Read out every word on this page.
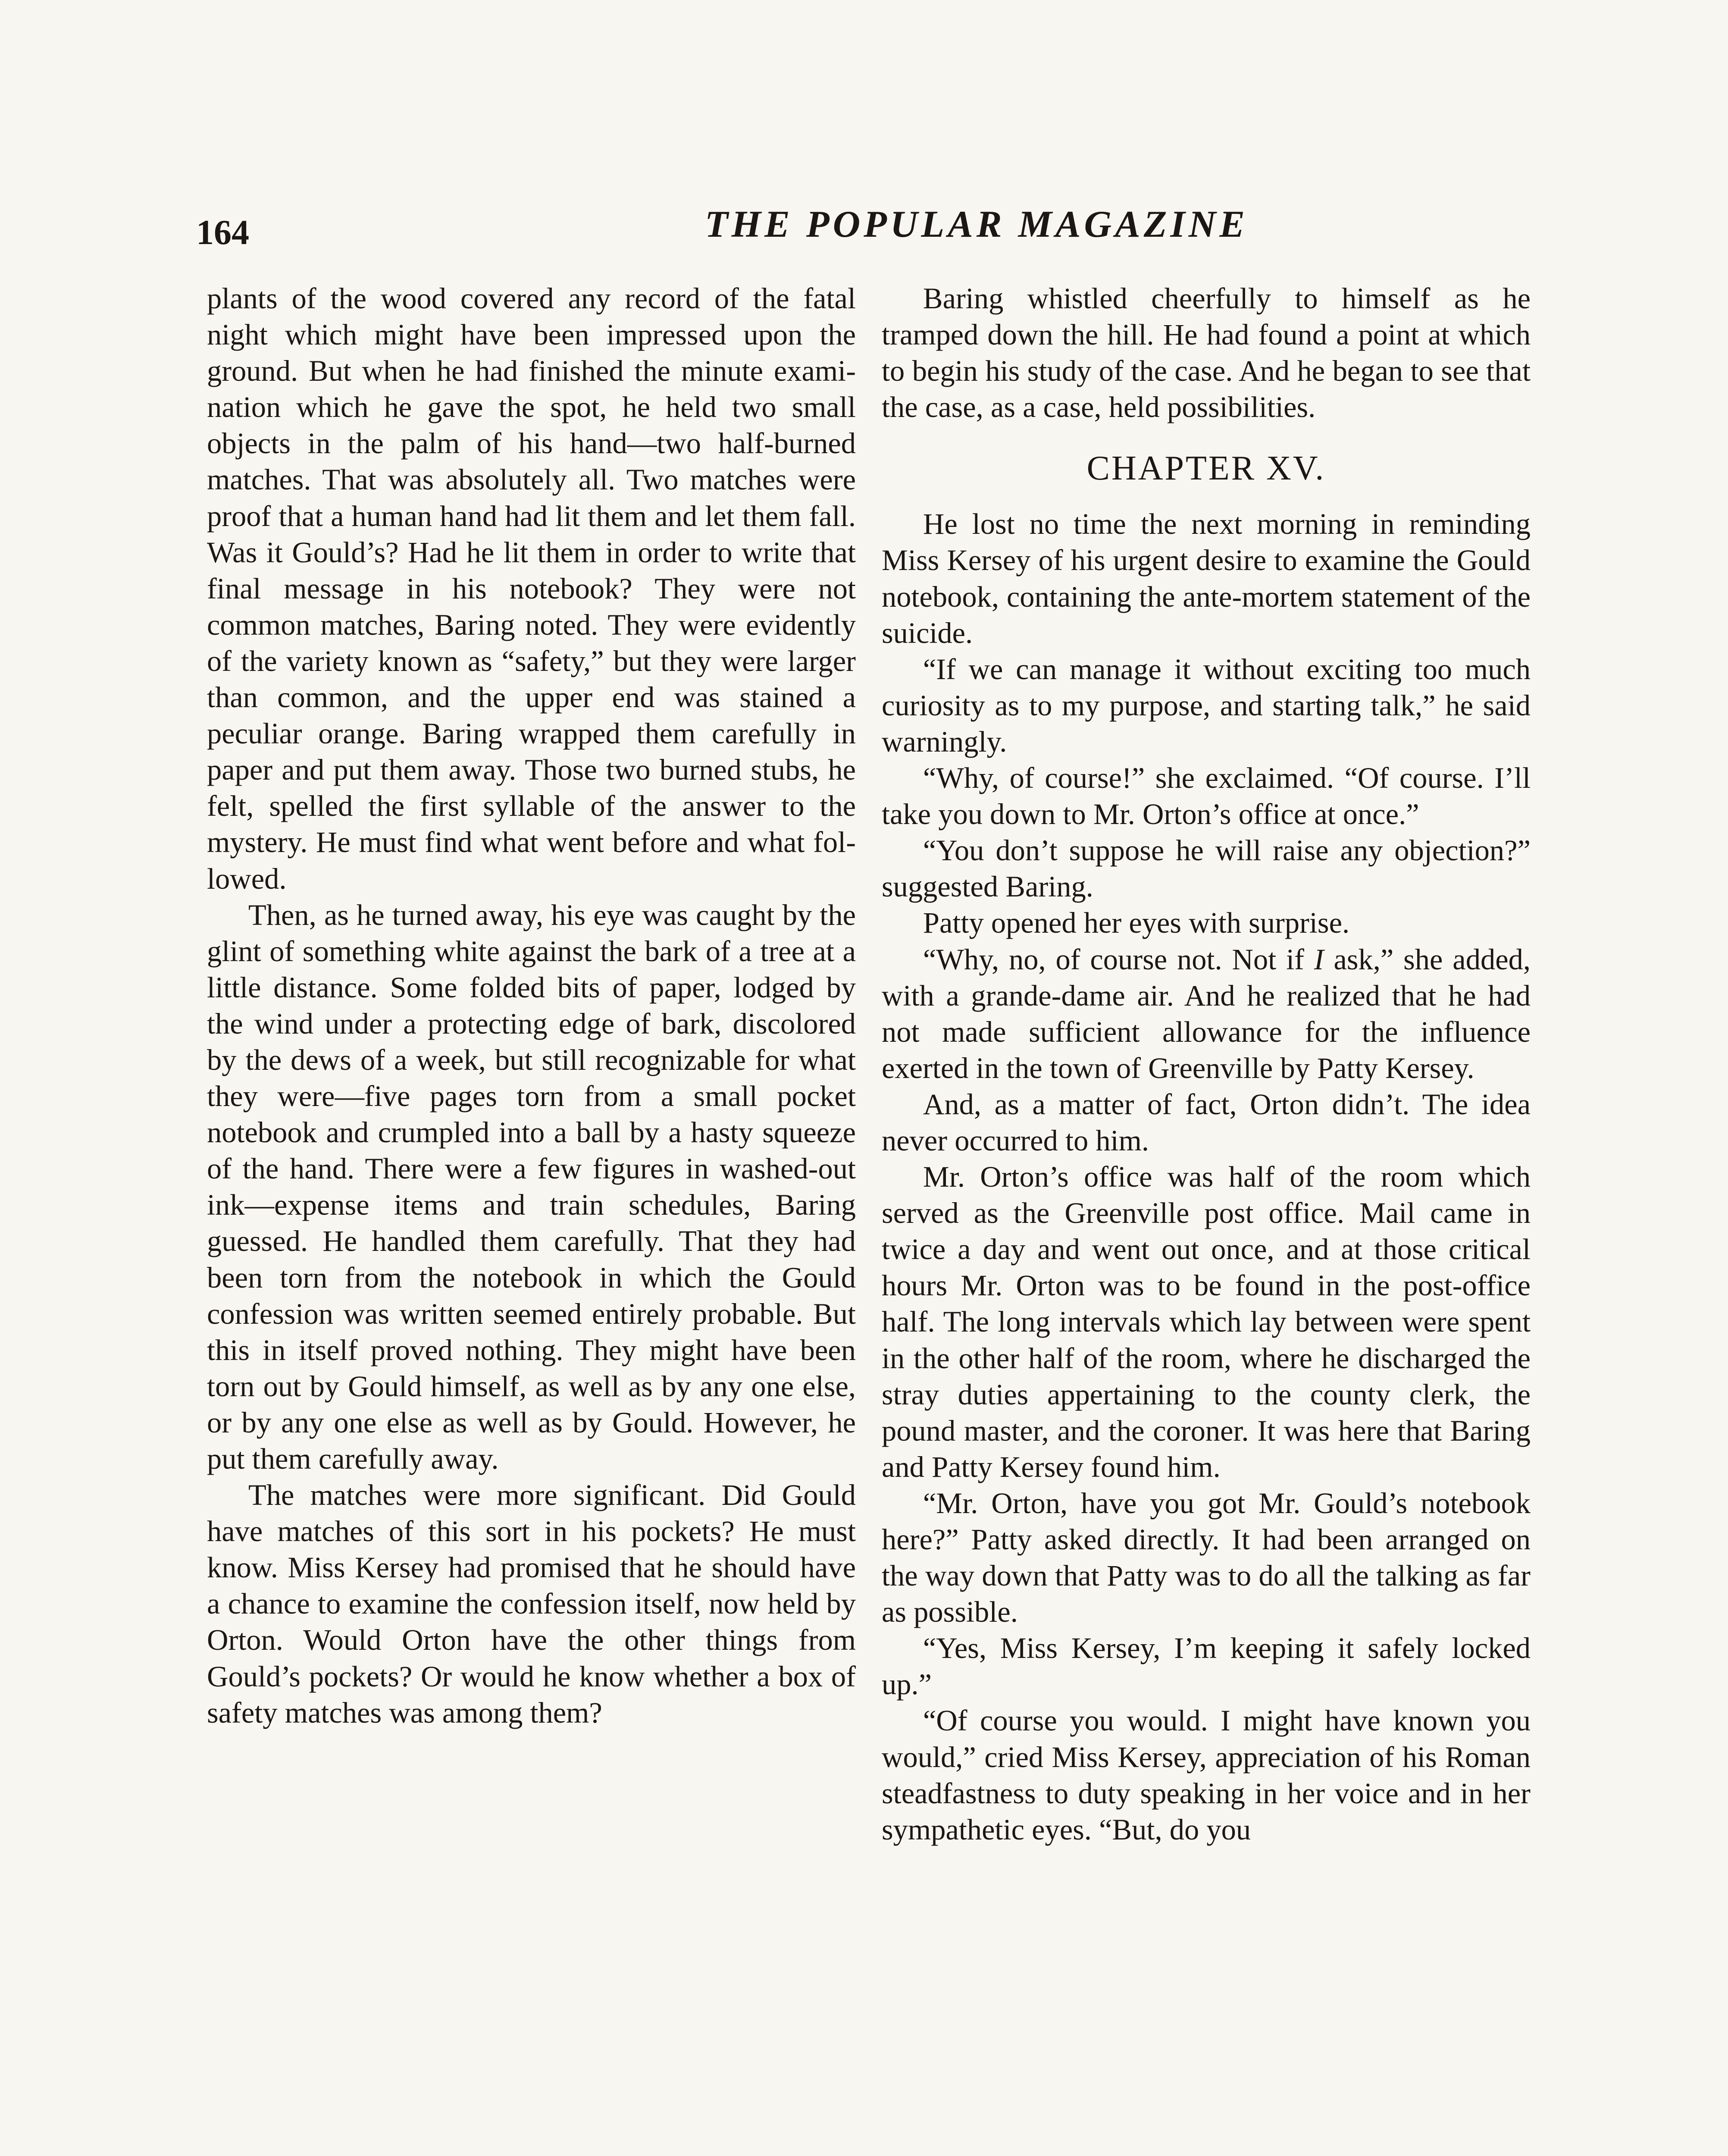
164	THE POPULAR MAGAZINE

plants of the wood covered any record of the fatal night which might have been impressed upon the ground. But when he had finished the minute examination which he gave the spot, he held two small objects in the palm of his hand—two half-burned matches. That was absolutely all. Two matches were proof that a human hand had lit them and let them fall. Was it Gould’s? Had he lit them in order to write that final message in his notebook? They were not common matches, Baring noted. They were evidently of the variety known as “safety,” but they were larger than common, and the upper end was stained a peculiar orange. Baring wrapped them carefully in paper and put them away. Those two burned stubs, he felt, spelled the first syllable of the answer to the mystery. He must find what went before and what followed.

Then, as he turned away, his eye was caught by the glint of something white against the bark of a tree at a little distance. Some folded bits of paper, lodged by the wind under a protecting edge of bark, discolored by the dews of a week, but still recognizable for what they were—five pages torn from a small pocket notebook and crumpled into a ball by a hasty squeeze of the hand. There were a few figures in washed-out ink—expense items and train schedules, Baring guessed. He handled them carefully. That they had been torn from the notebook in which the Gould confession was written seemed entirely probable. But this in itself proved nothing. They might have been torn out by Gould himself, as well as by any one else, or by any one else as well as by Gould. However, he put them carefully away.

The matches were more significant. Did Gould have matches of this sort in his pockets? He must know. Miss Kersey had promised that he should have a chance to examine the confession itself, now held by Orton. Would Orton have the other things from Gould’s pockets? Or would he know whether a box of safety matches was among them?

Baring whistled cheerfully to himself as he tramped down the hill. He had found a point at which to begin his study of the case. And he began to see that the case, as a case, held possibilities.

CHAPTER XV.

He lost no time the next morning in reminding Miss Kersey of his urgent desire to examine the Gould notebook, containing the ante-mortem statement of the suicide.

“If we can manage it without exciting too much curiosity as to my purpose, and starting talk,” he said warningly.

“Why, of course!” she exclaimed. “Of course. I’ll take you down to Mr. Orton’s office at once.”

“You don’t suppose he will raise any objection?” suggested Baring.

Patty opened her eyes with surprise.

“Why, no, of course not. Not if I ask,” she added, with a grande-dame air. And he realized that he had not made sufficient allowance for the influence exerted in the town of Greenville by Patty Kersey.

And, as a matter of fact, Orton didn’t. The idea never occurred to him.

Mr. Orton’s office was half of the room which served as the Greenville post office. Mail came in twice a day and went out once, and at those critical hours Mr. Orton was to be found in the post-office half. The long intervals which lay between were spent in the other half of the room, where he discharged the stray duties appertaining to the county clerk, the pound master, and the coroner. It was here that Baring and Patty Kersey found him.

“Mr. Orton, have you got Mr. Gould’s notebook here?” Patty asked directly. It had been arranged on the way down that Patty was to do all the talking as far as possible.

“Yes, Miss Kersey, I’m keeping it safely locked up.”

“Of course you would. I might have known you would,” cried Miss Kersey, appreciation of his Roman steadfastness to duty speaking in her voice and in her sympathetic eyes. “But, do you
